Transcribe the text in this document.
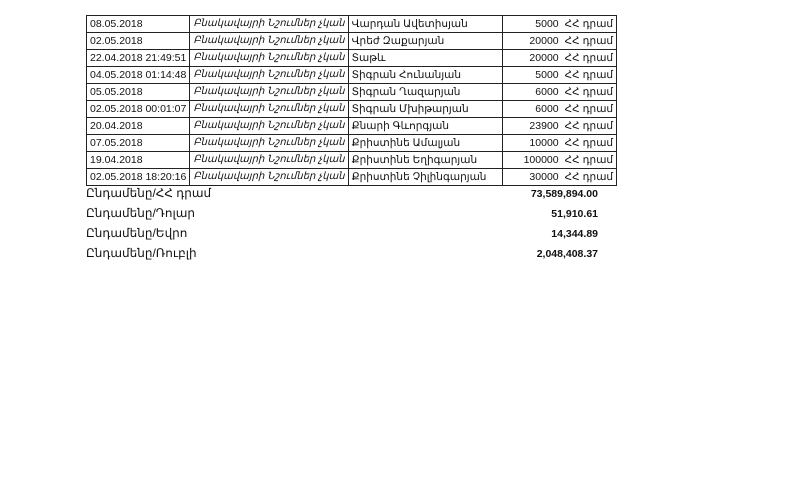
08.05.2018	Բնակավայրի Նշումներ չկան	Վարդան Ավետիսյան	5000	ՀՀ դրամ
02.05.2018	Բնակավայրի Նշումներ չկան	Վրեժ Զաքարյան	20000	ՀՀ դրամ
22.04.2018 21:49:51	Բնակավայրի Նշումներ չկան	Տաթև	20000	ՀՀ դրամ
04.05.2018 01:14:48	Բնակավայրի Նշումներ չկան	Տիգրան Հունանյան	5000	ՀՀ դրամ
05.05.2018	Բնակավայրի Նշումներ չկան	Տիգրան Ղազարյան	6000	ՀՀ դրամ
02.05.2018 00:01:07	Բնակավայրի Նշումներ չկան	Տիգրան Մխիթարյան	6000	ՀՀ դրամ
20.04.2018	Բնակավայրի Նշումներ չկան	Քնարի Գևորգյան	23900	ՀՀ դրամ
07.05.2018	Բնակավայրի Նշումներ չկան	Քրիստինե Ամալյան	10000	ՀՀ դրամ
19.04.2018	Բնակավայրի Նշումներ չկան	Քրիստինե Եղիգարյան	100000	ՀՀ դրամ
02.05.2018 18:20:16	Բնակավայրի Նշումներ չկան	Քրիստինե Չիլինգարյան	30000	ՀՀ դրամ
Ընդամենը/ՀՀ դրամ	73,589,894.00
Ընդամենը/Դոլար	51,910.61
Ընդամենը/Եվրո	14,344.89
Ընդամենը/Ռուբլի	2,048,408.37
